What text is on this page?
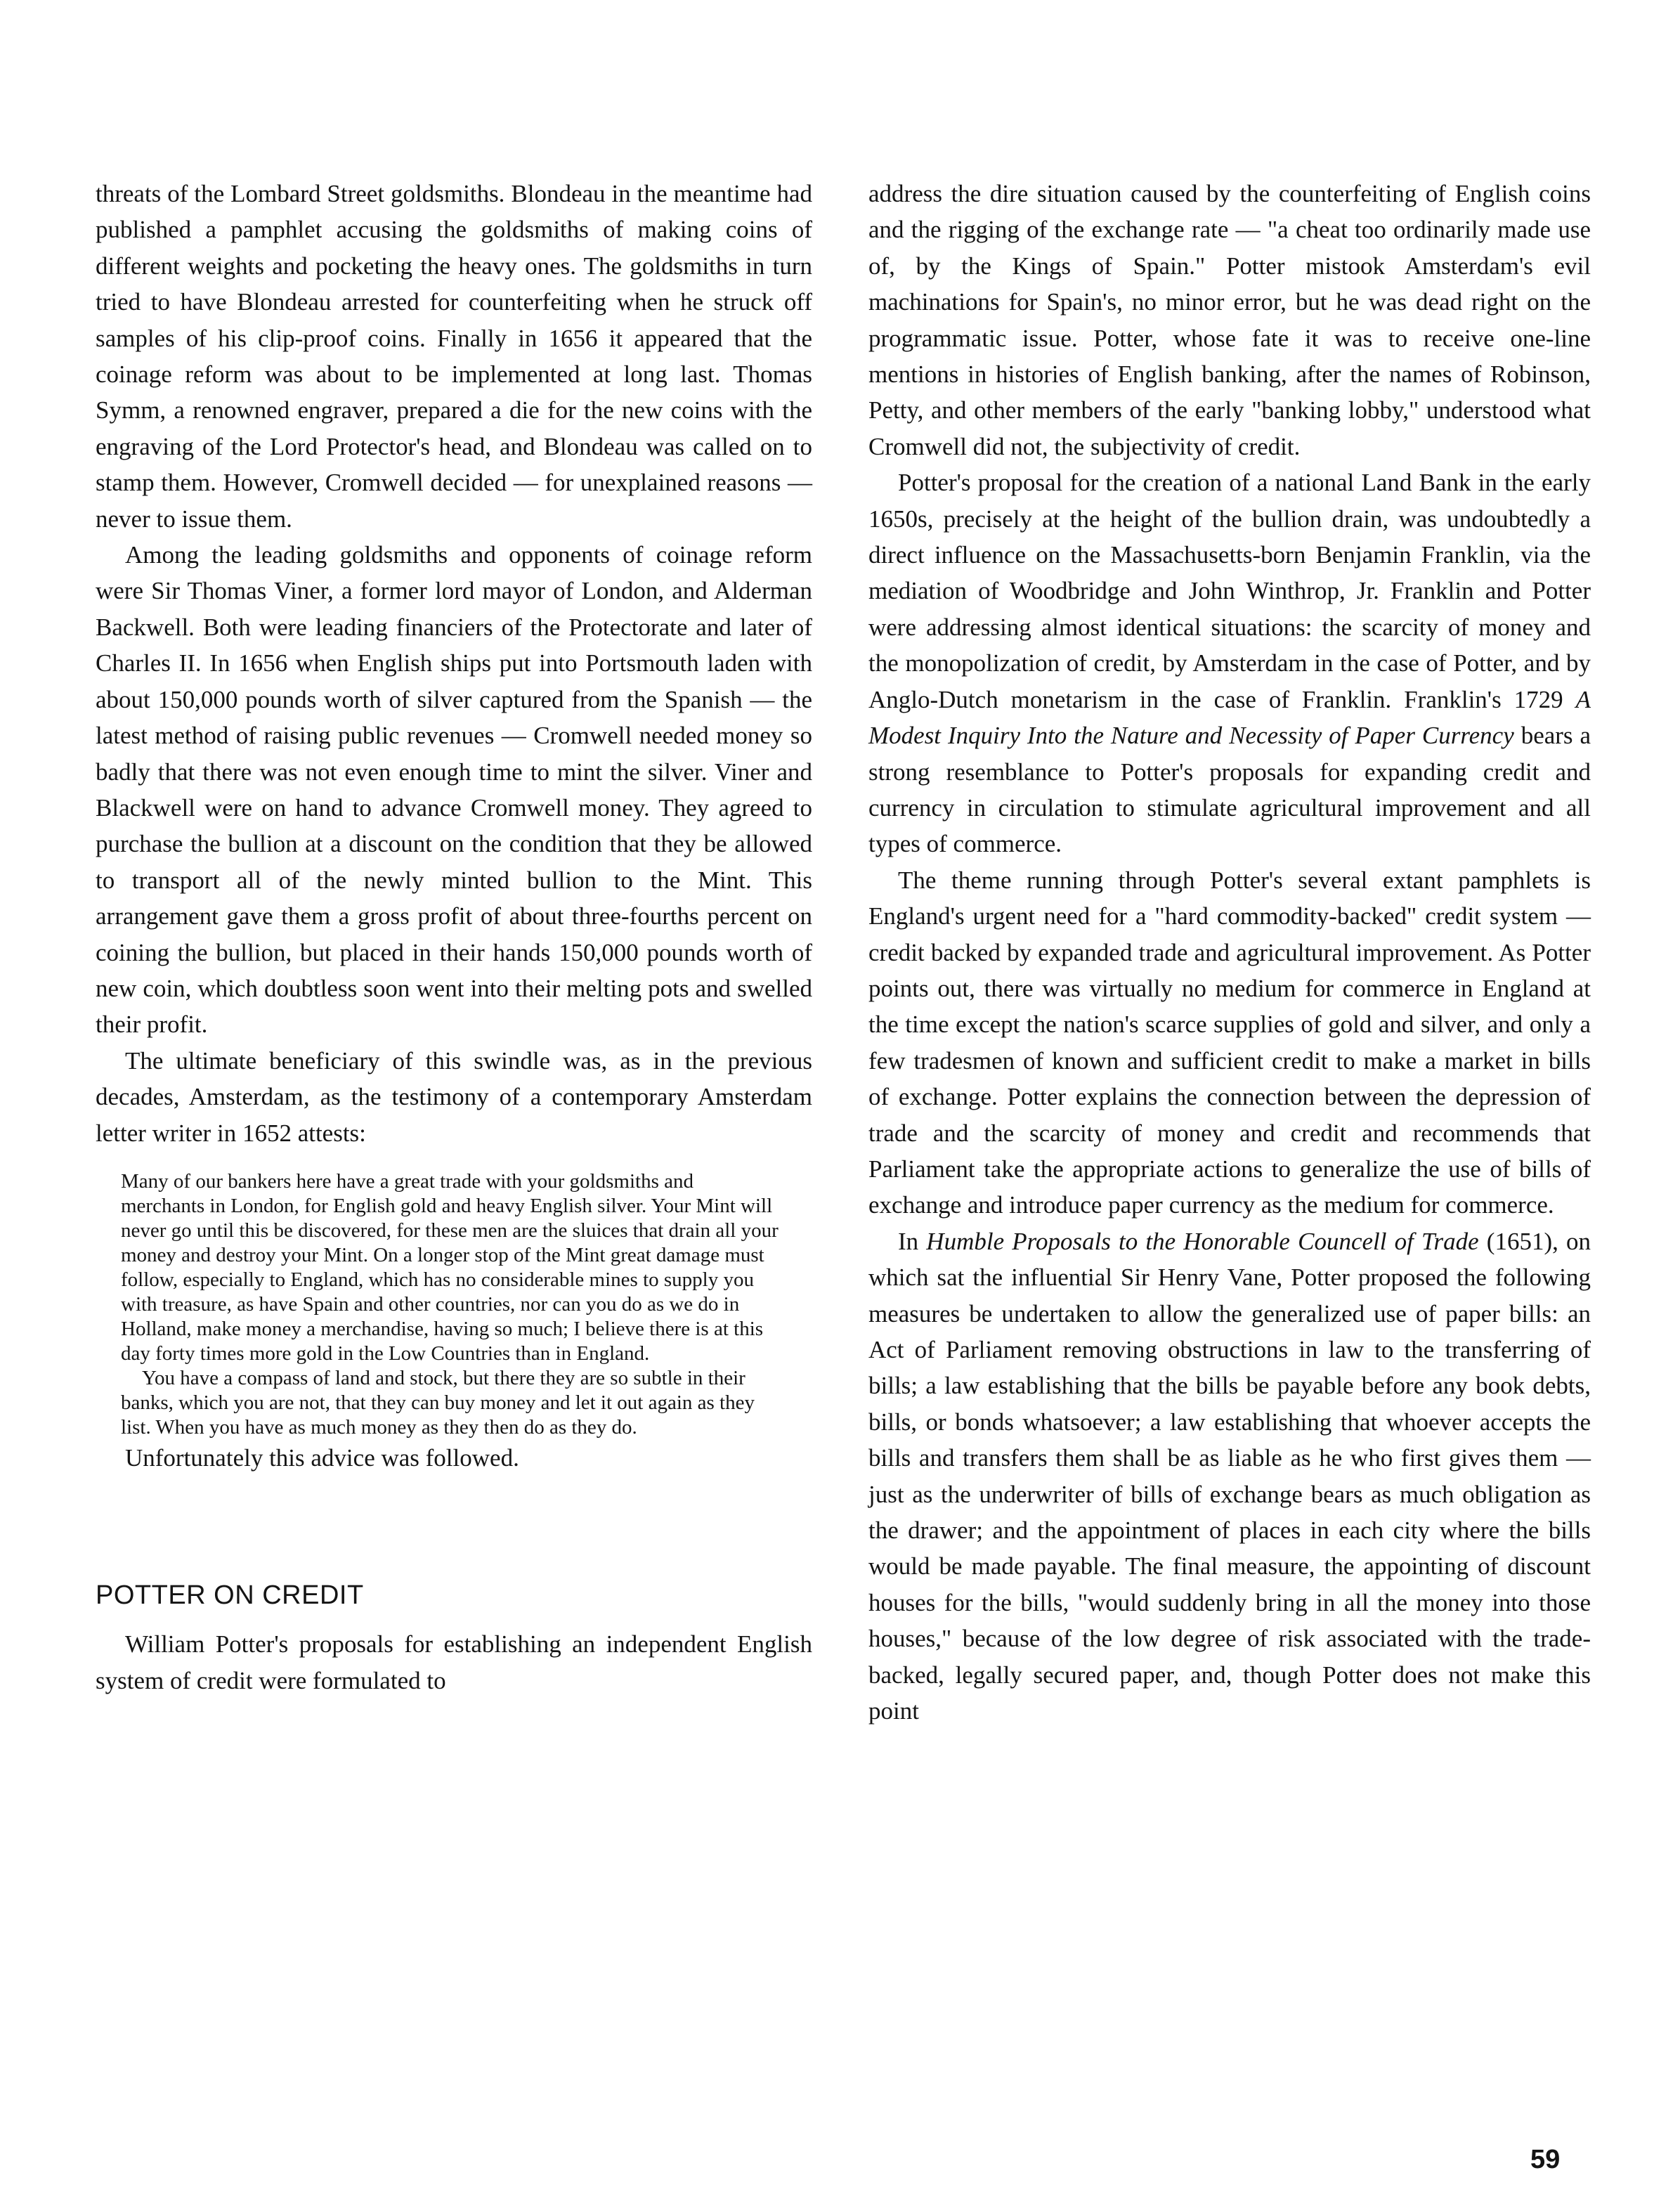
threats of the Lombard Street goldsmiths. Blondeau in the meantime had published a pamphlet accusing the goldsmiths of making coins of different weights and pocketing the heavy ones. The goldsmiths in turn tried to have Blondeau arrested for counterfeiting when he struck off samples of his clip-proof coins. Finally in 1656 it appeared that the coinage reform was about to be implemented at long last. Thomas Symm, a renowned engraver, prepared a die for the new coins with the engraving of the Lord Protector's head, and Blondeau was called on to stamp them. However, Cromwell decided — for unexplained reasons — never to issue them.

Among the leading goldsmiths and opponents of coinage reform were Sir Thomas Viner, a former lord mayor of London, and Alderman Backwell. Both were leading financiers of the Protectorate and later of Charles II. In 1656 when English ships put into Portsmouth laden with about 150,000 pounds worth of silver captured from the Spanish — the latest method of raising public revenues — Cromwell needed money so badly that there was not even enough time to mint the silver. Viner and Blackwell were on hand to advance Cromwell money. They agreed to purchase the bullion at a discount on the condition that they be allowed to transport all of the newly minted bullion to the Mint. This arrangement gave them a gross profit of about three-fourths percent on coining the bullion, but placed in their hands 150,000 pounds worth of new coin, which doubtless soon went into their melting pots and swelled their profit.

The ultimate beneficiary of this swindle was, as in the previous decades, Amsterdam, as the testimony of a contemporary Amsterdam letter writer in 1652 attests:

Many of our bankers here have a great trade with your goldsmiths and merchants in London, for English gold and heavy English silver. Your Mint will never go until this be discovered, for these men are the sluices that drain all your money and destroy your Mint. On a longer stop of the Mint great damage must follow, especially to England, which has no considerable mines to supply you with treasure, as have Spain and other countries, nor can you do as we do in Holland, make money a merchandise, having so much; I believe there is at this day forty times more gold in the Low Countries than in England.

You have a compass of land and stock, but there they are so subtle in their banks, which you are not, that they can buy money and let it out again as they list. When you have as much money as they then do as they do.

Unfortunately this advice was followed.

POTTER ON CREDIT

William Potter's proposals for establishing an independent English system of credit were formulated to

address the dire situation caused by the counterfeiting of English coins and the rigging of the exchange rate — "a cheat too ordinarily made use of, by the Kings of Spain." Potter mistook Amsterdam's evil machinations for Spain's, no minor error, but he was dead right on the programmatic issue. Potter, whose fate it was to receive one-line mentions in histories of English banking, after the names of Robinson, Petty, and other members of the early "banking lobby," understood what Cromwell did not, the subjectivity of credit.

Potter's proposal for the creation of a national Land Bank in the early 1650s, precisely at the height of the bullion drain, was undoubtedly a direct influence on the Massachusetts-born Benjamin Franklin, via the mediation of Woodbridge and John Winthrop, Jr. Franklin and Potter were addressing almost identical situations: the scarcity of money and the monopolization of credit, by Amsterdam in the case of Potter, and by Anglo-Dutch monetarism in the case of Franklin. Franklin's 1729 A Modest Inquiry Into the Nature and Necessity of Paper Currency bears a strong resemblance to Potter's proposals for expanding credit and currency in circulation to stimulate agricultural improvement and all types of commerce.

The theme running through Potter's several extant pamphlets is England's urgent need for a "hard commodity-backed" credit system — credit backed by expanded trade and agricultural improvement. As Potter points out, there was virtually no medium for commerce in England at the time except the nation's scarce supplies of gold and silver, and only a few tradesmen of known and sufficient credit to make a market in bills of exchange. Potter explains the connection between the depression of trade and the scarcity of money and credit and recommends that Parliament take the appropriate actions to generalize the use of bills of exchange and introduce paper currency as the medium for commerce.

In Humble Proposals to the Honorable Councell of Trade (1651), on which sat the influential Sir Henry Vane, Potter proposed the following measures be undertaken to allow the generalized use of paper bills: an Act of Parliament removing obstructions in law to the transferring of bills; a law establishing that the bills be payable before any book debts, bills, or bonds whatsoever; a law establishing that whoever accepts the bills and transfers them shall be as liable as he who first gives them — just as the underwriter of bills of exchange bears as much obligation as the drawer; and the appointment of places in each city where the bills would be made payable. The final measure, the appointing of discount houses for the bills, "would suddenly bring in all the money into those houses," because of the low degree of risk associated with the trade-backed, legally secured paper, and, though Potter does not make this point

59
